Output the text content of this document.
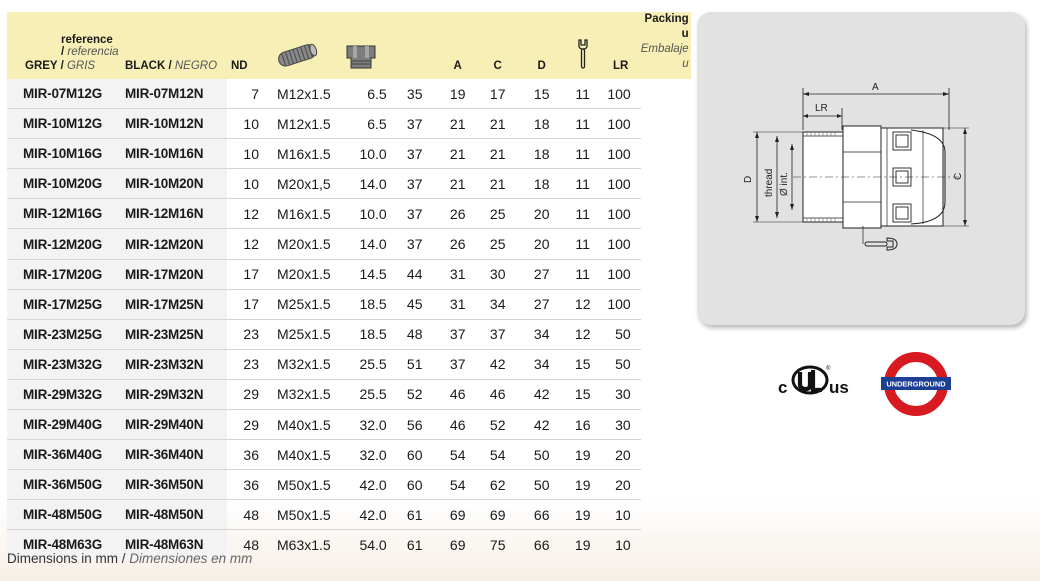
reference / referencia
GREY / GRIS	BLACK / NEGRO	ND				A	C	D		LR	Packing u
Embalaje u
MIR-07M12G	MIR-07M12N	7	M12x1.5	6.5	35	19	17	15	11	100	
MIR-10M12G	MIR-10M12N	10	M12x1.5	6.5	37	21	21	18	11	100	
MIR-10M16G	MIR-10M16N	10	M16x1.5	10.0	37	21	21	18	11	100	
MIR-10M20G	MIR-10M20N	10	M20x1,5	14.0	37	21	21	18	11	100	
MIR-12M16G	MIR-12M16N	12	M16x1.5	10.0	37	26	25	20	11	100	
MIR-12M20G	MIR-12M20N	12	M20x1.5	14.0	37	26	25	20	11	100	
MIR-17M20G	MIR-17M20N	17	M20x1.5	14.5	44	31	30	27	11	100	
MIR-17M25G	MIR-17M25N	17	M25x1.5	18.5	45	31	34	27	12	100	
MIR-23M25G	MIR-23M25N	23	M25x1.5	18.5	48	37	37	34	12	50	
MIR-23M32G	MIR-23M32N	23	M32x1.5	25.5	51	37	42	34	15	50	
MIR-29M32G	MIR-29M32N	29	M32x1.5	25.5	52	46	46	42	15	30	
MIR-29M40G	MIR-29M40N	29	M40x1.5	32.0	56	46	52	42	16	30	
MIR-36M40G	MIR-36M40N	36	M40x1.5	32.0	60	54	54	50	19	20	
MIR-36M50G	MIR-36M50N	36	M50x1.5	42.0	60	54	62	50	19	20	
MIR-48M50G	MIR-48M50N	48	M50x1.5	42.0	61	69	69	66	19	10	
MIR-48M63G	MIR-48M63N	48	M63x1.5	54.0	61	69	75	66	19	10	
Dimensions in mm / Dimensiones en mm
A
LR
D thread Ø int.	C
c us
®
UNDERGROUND
